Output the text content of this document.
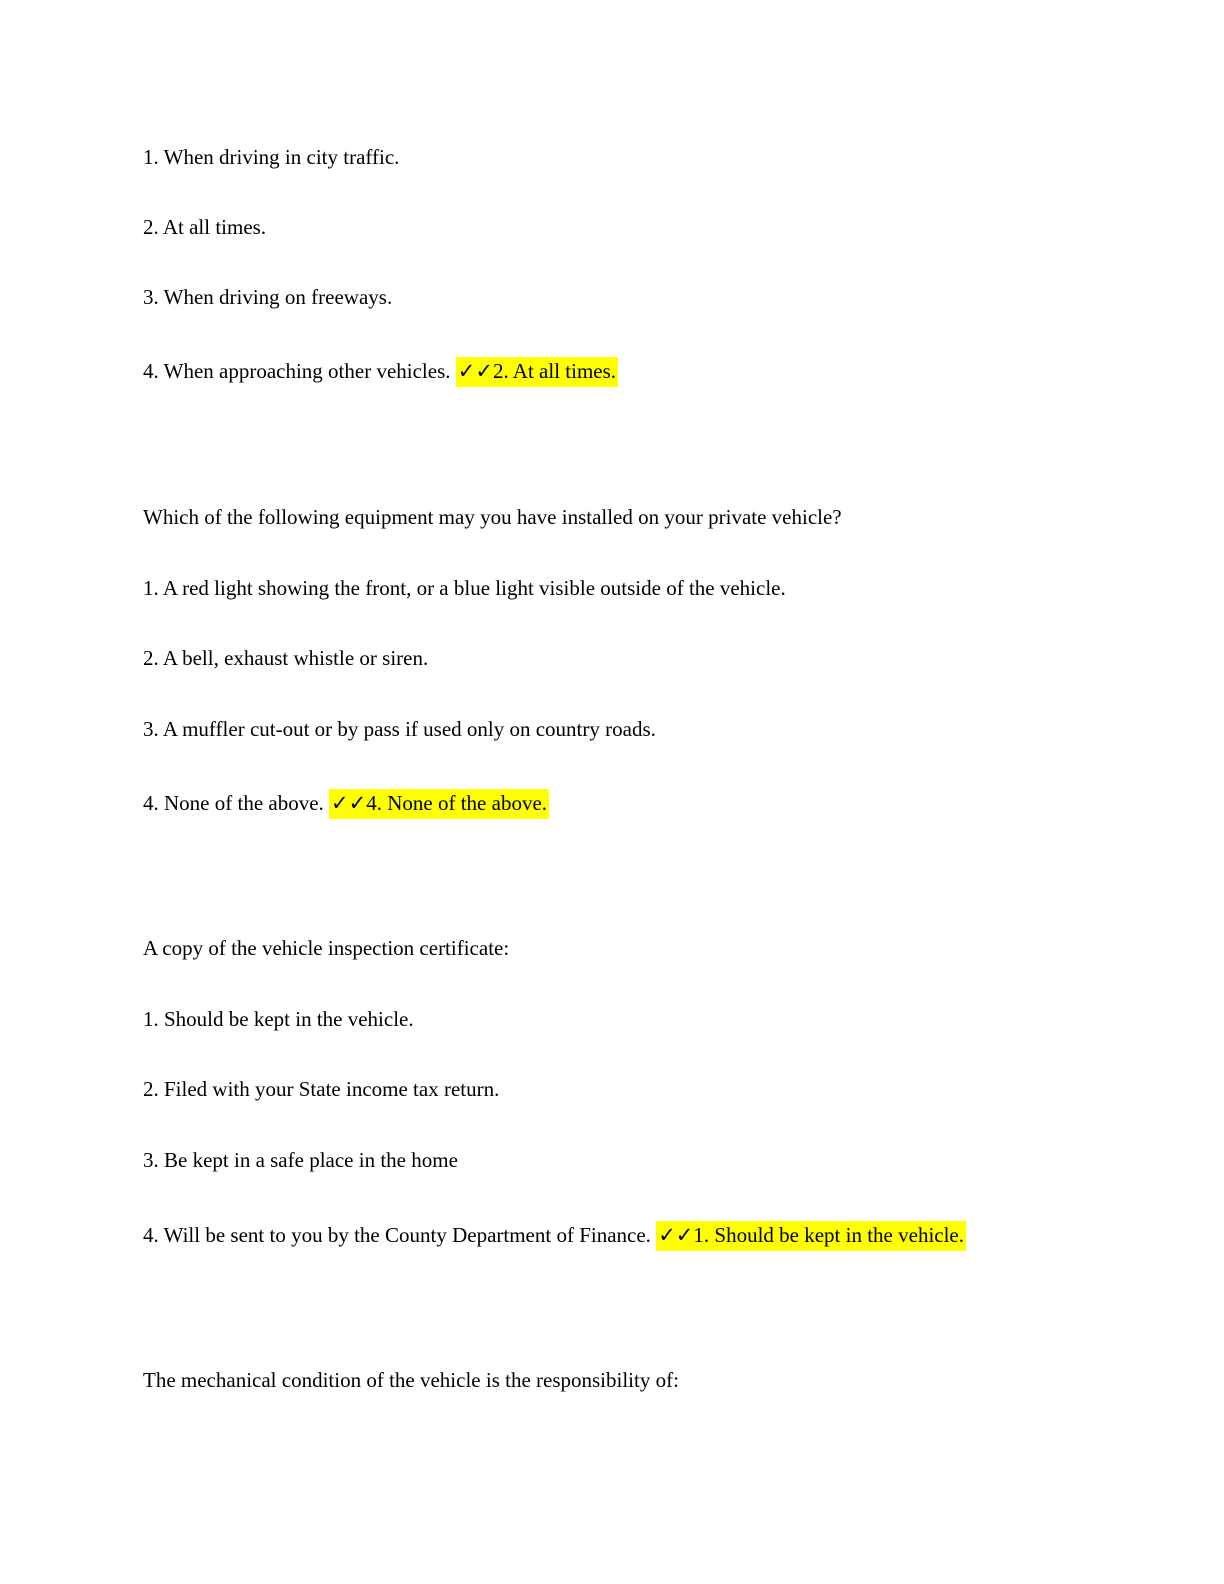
1. When driving in city traffic.
2. At all times.
3. When driving on freeways.
4. When approaching other vehicles. ✓✓2. At all times.
Which of the following equipment may you have installed on your private vehicle?
1. A red light showing the front, or a blue light visible outside of the vehicle.
2. A bell, exhaust whistle or siren.
3. A muffler cut-out or by pass if used only on country roads.
4. None of the above. ✓✓4. None of the above.
A copy of the vehicle inspection certificate:
1. Should be kept in the vehicle.
2. Filed with your State income tax return.
3. Be kept in a safe place in the home
4. Will be sent to you by the County Department of Finance. ✓✓1. Should be kept in the vehicle.
The mechanical condition of the vehicle is the responsibility of:
